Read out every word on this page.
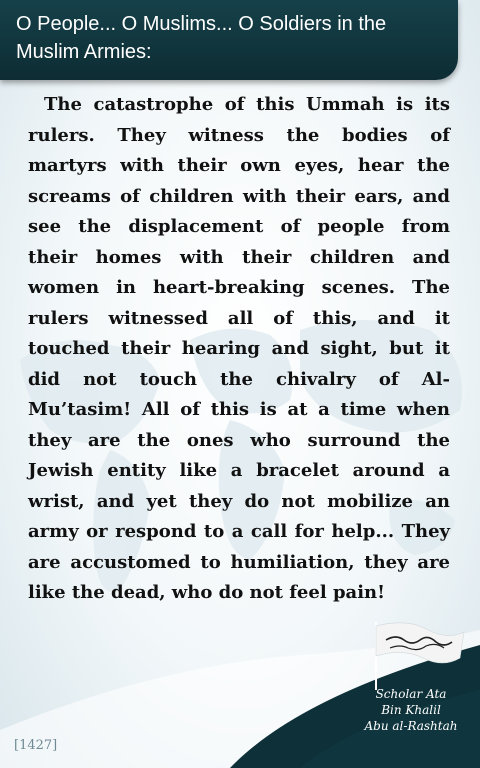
O People... O Muslims... O Soldiers in the Muslim Armies:

The catastrophe of this Ummah is its rulers. They witness the bodies of martyrs with their own eyes, hear the screams of children with their ears, and see the displacement of people from their homes with their children and women in heart-breaking scenes. The rulers witnessed all of this, and it touched their hearing and sight, but it did not touch the chivalry of Al-Mu’tasim! All of this is at a time when they are the ones who surround the Jewish entity like a bracelet around a wrist, and yet they do not mobilize an army or respond to a call for help... They are accustomed to humiliation, they are like the dead, who do not feel pain!

Scholar Ata
Bin Khalil
Abu al-Rashtah
[1427]
